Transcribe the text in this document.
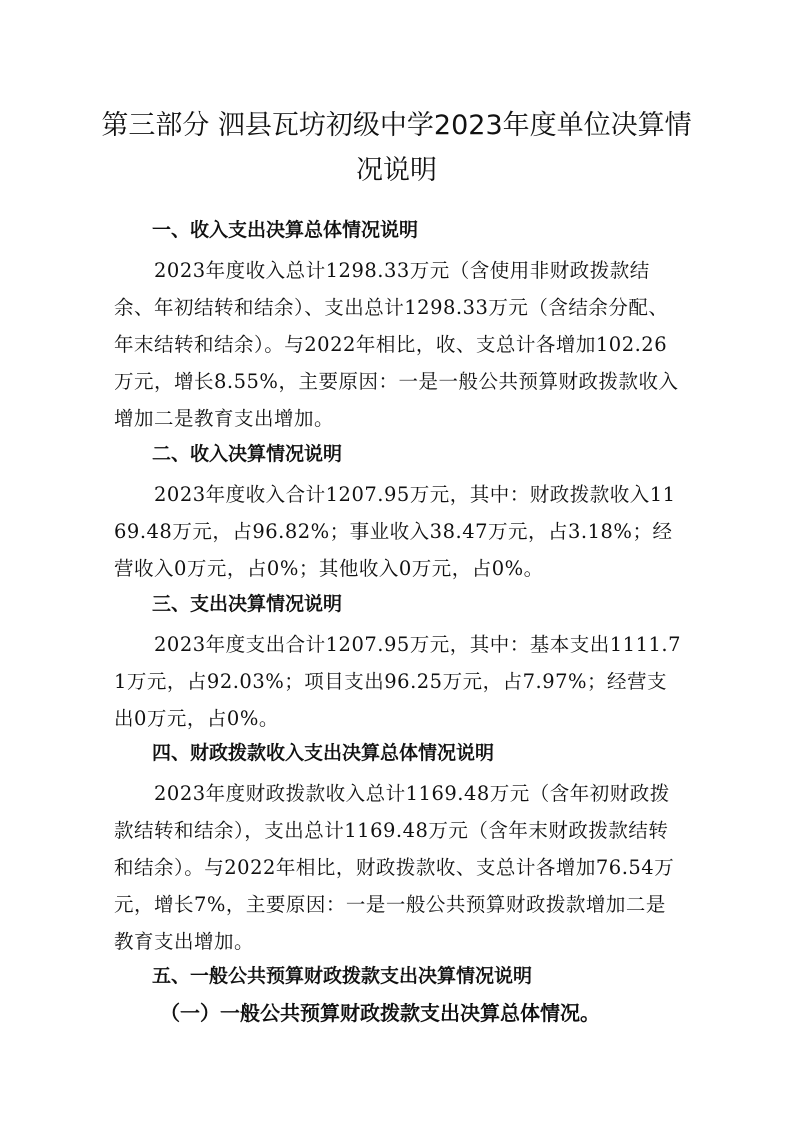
第三部分 泗县瓦坊初级中学2023年度单位决算情况说明
一、收入支出决算总体情况说明

2023年度收入总计1298.33万元（含使用非财政拨款结余、年初结转和结余）、支出总计1298.33万元（含结余分配、年末结转和结余）。与2022年相比，收、支总计各增加102.26万元，增长8.55%，主要原因：一是一般公共预算财政拨款收入增加二是教育支出增加。

二、收入决算情况说明

2023年度收入合计1207.95万元，其中：财政拨款收入1169.48万元，占96.82%；事业收入38.47万元，占3.18%；经营收入0万元，占0%；其他收入0万元，占0%。

三、支出决算情况说明

2023年度支出合计1207.95万元，其中：基本支出1111.71万元，占92.03%；项目支出96.25万元，占7.97%；经营支出0万元，占0%。

四、财政拨款收入支出决算总体情况说明

2023年度财政拨款收入总计1169.48万元（含年初财政拨款结转和结余），支出总计1169.48万元（含年末财政拨款结转和结余）。与2022年相比，财政拨款收、支总计各增加76.54万元，增长7%，主要原因：一是一般公共预算财政拨款增加二是教育支出增加。

五、一般公共预算财政拨款支出决算情况说明
（一）一般公共预算财政拨款支出决算总体情况。
